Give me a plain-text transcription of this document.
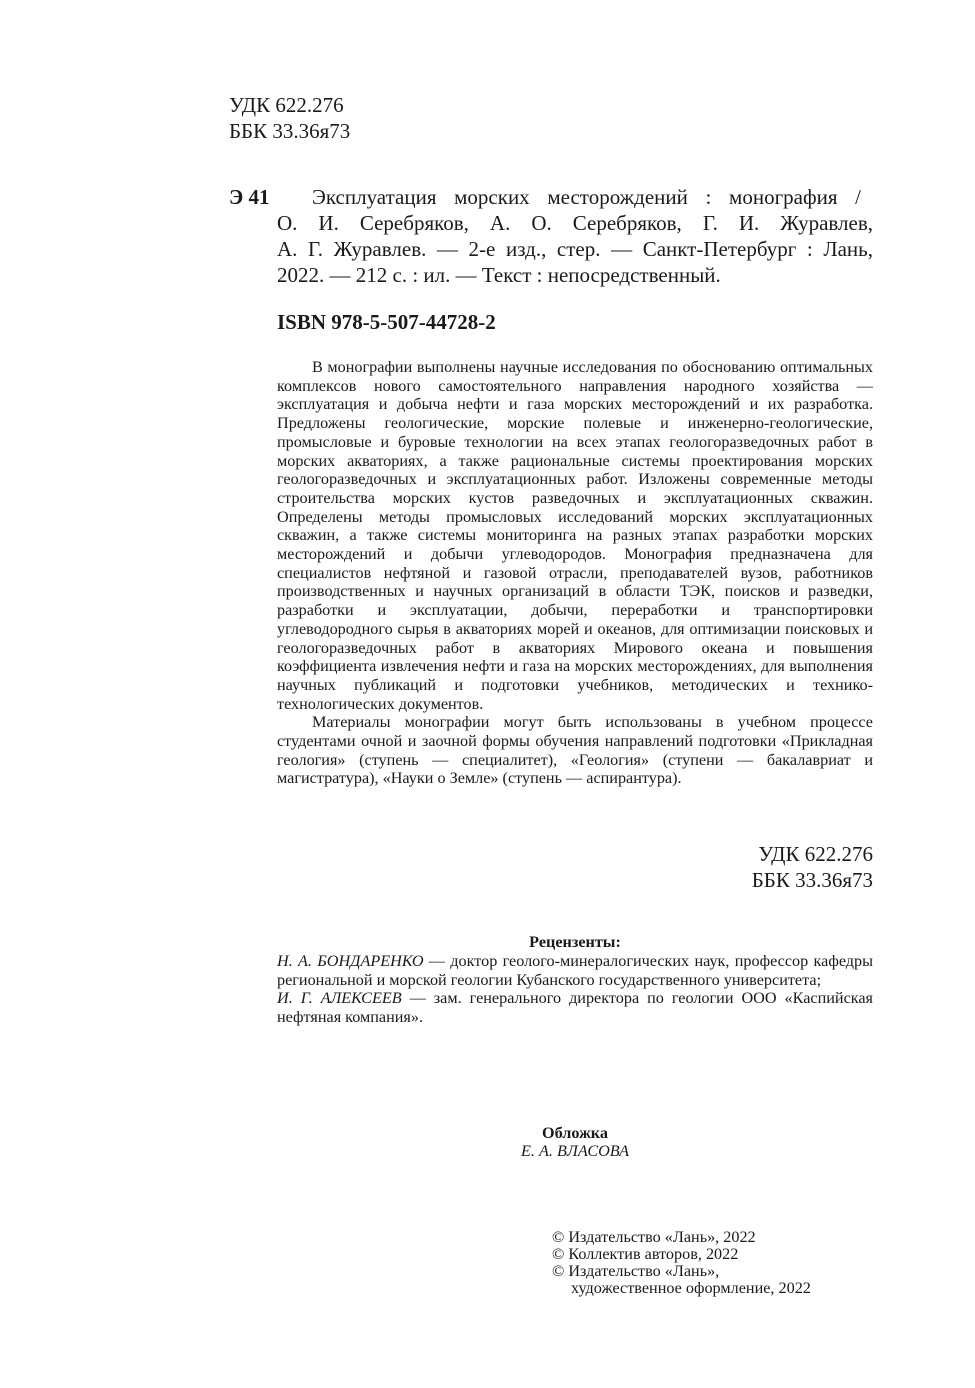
УДК 622.276
ББК 33.36я73
Э 41 Эксплуатация морских месторождений : монография /
О. И. Серебряков, А. О. Серебряков, Г. И. Журавлев,
А. Г. Журавлев. — 2-е изд., стер. — Санкт-Петербург : Лань,
2022. — 212 с. : ил. — Текст : непосредственный.
ISBN 978-5-507-44728-2

В монографии выполнены научные исследования по обоснованию оптимальных комплексов нового самостоятельного направления народного хозяйства — эксплуатация и добыча нефти и газа морских месторождений и их разработка. Предложены геологические, морские полевые и инженерно-геологические, промысловые и буровые технологии на всех этапах геологоразведочных работ в морских акваториях, а также рациональные системы проектирования морских геологоразведочных и эксплуатационных работ. Изложены современные методы строительства морских кустов разведочных и эксплуатационных скважин. Определены методы промысловых исследований морских эксплуатационных скважин, а также системы мониторинга на разных этапах разработки морских месторождений и добычи углеводородов. Монография предназначена для специалистов нефтяной и газовой отрасли, преподавателей вузов, работников производственных и научных организаций в области ТЭК, поисков и разведки, разработки и эксплуатации, добычи, переработки и транспортировки углеводородного сырья в акваториях морей и океанов, для оптимизации поисковых и геологоразведочных работ в акваториях Мирового океана и повышения коэффициента извлечения нефти и газа на морских месторождениях, для выполнения научных публикаций и подготовки учебников, методических и технико-технологических документов.

Материалы монографии могут быть использованы в учебном процессе студентами очной и заочной формы обучения направлений подготовки «Прикладная геология» (ступень — специалитет), «Геология» (ступени — бакалавриат и магистратура), «Науки о Земле» (ступень — аспирантура).

УДК 622.276
ББК 33.36я73
Рецензенты:

Н. А. БОНДАРЕНКО — доктор геолого-минералогических наук, профессор кафедры региональной и морской геологии Кубанского государственного университета;

И. Г. АЛЕКСЕЕВ — зам. генерального директора по геологии ООО «Каспийская нефтяная компания».

Обложка
Е. А. ВЛАСОВА
© Издательство «Лань», 2022
© Коллектив авторов, 2022
© Издательство «Лань»,
художественное оформление, 2022
